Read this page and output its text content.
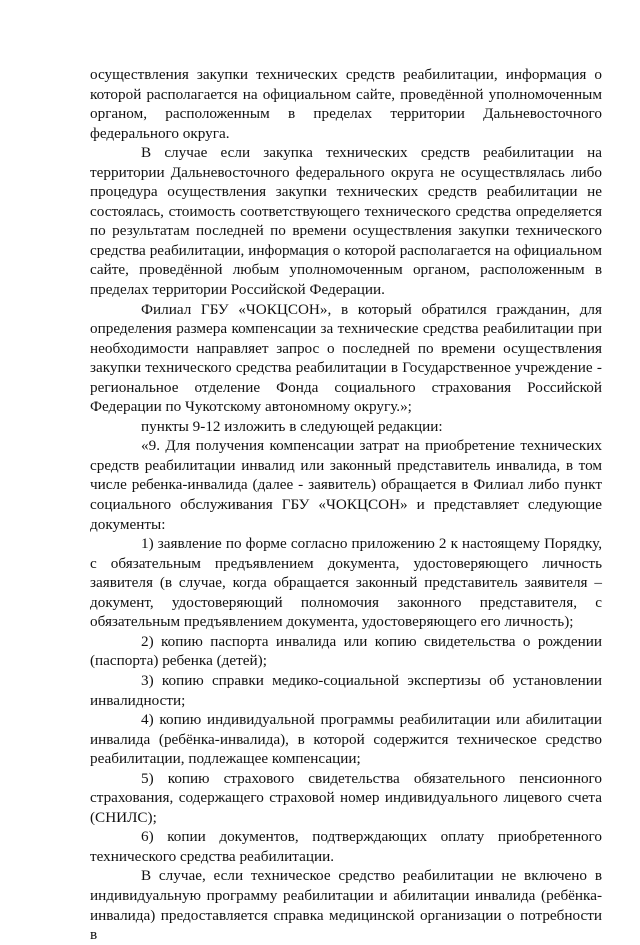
осуществления закупки технических средств реабилитации, информация о которой располагается на официальном сайте, проведённой уполномоченным органом, расположенным в пределах территории Дальневосточного федерального округа.

В случае если закупка технических средств реабилитации на территории Дальневосточного федерального округа не осуществлялась либо процедура осуществления закупки технических средств реабилитации не состоялась, стоимость соответствующего технического средства определяется по результатам последней по времени осуществления закупки технического средства реабилитации, информация о которой располагается на официальном сайте, проведённой любым уполномоченным органом, расположенным в пределах территории Российской Федерации.

Филиал ГБУ «ЧОКЦСОН», в который обратился гражданин, для определения размера компенсации за технические средства реабилитации при необходимости направляет запрос о последней по времени осуществления закупки технического средства реабилитации в Государственное учреждение - региональное отделение Фонда социального страхования Российской Федерации по Чукотскому автономному округу.»;

пункты 9-12 изложить в следующей редакции:

«9. Для получения компенсации затрат на приобретение технических средств реабилитации инвалид или законный представитель инвалида, в том числе ребенка-инвалида (далее - заявитель) обращается в Филиал либо пункт социального обслуживания ГБУ «ЧОКЦСОН» и представляет следующие документы:

1) заявление по форме согласно приложению 2 к настоящему Порядку, с обязательным предъявлением документа, удостоверяющего личность заявителя (в случае, когда обращается законный представитель заявителя – документ, удостоверяющий полномочия законного представителя, с обязательным предъявлением документа, удостоверяющего его личность);

2) копию паспорта инвалида или копию свидетельства о рождении (паспорта) ребенка (детей);

3) копию справки медико-социальной экспертизы об установлении инвалидности;

4) копию индивидуальной программы реабилитации или абилитации инвалида (ребёнка-инвалида), в которой содержится техническое средство реабилитации, подлежащее компенсации;

5) копию страхового свидетельства обязательного пенсионного страхования, содержащего страховой номер индивидуального лицевого счета (СНИЛС);

6) копии документов, подтверждающих оплату приобретенного технического средства реабилитации.

В случае, если техническое средство реабилитации не включено в индивидуальную программу реабилитации и абилитации инвалида (ребёнка-инвалида) предоставляется справка медицинской организации о потребности в
